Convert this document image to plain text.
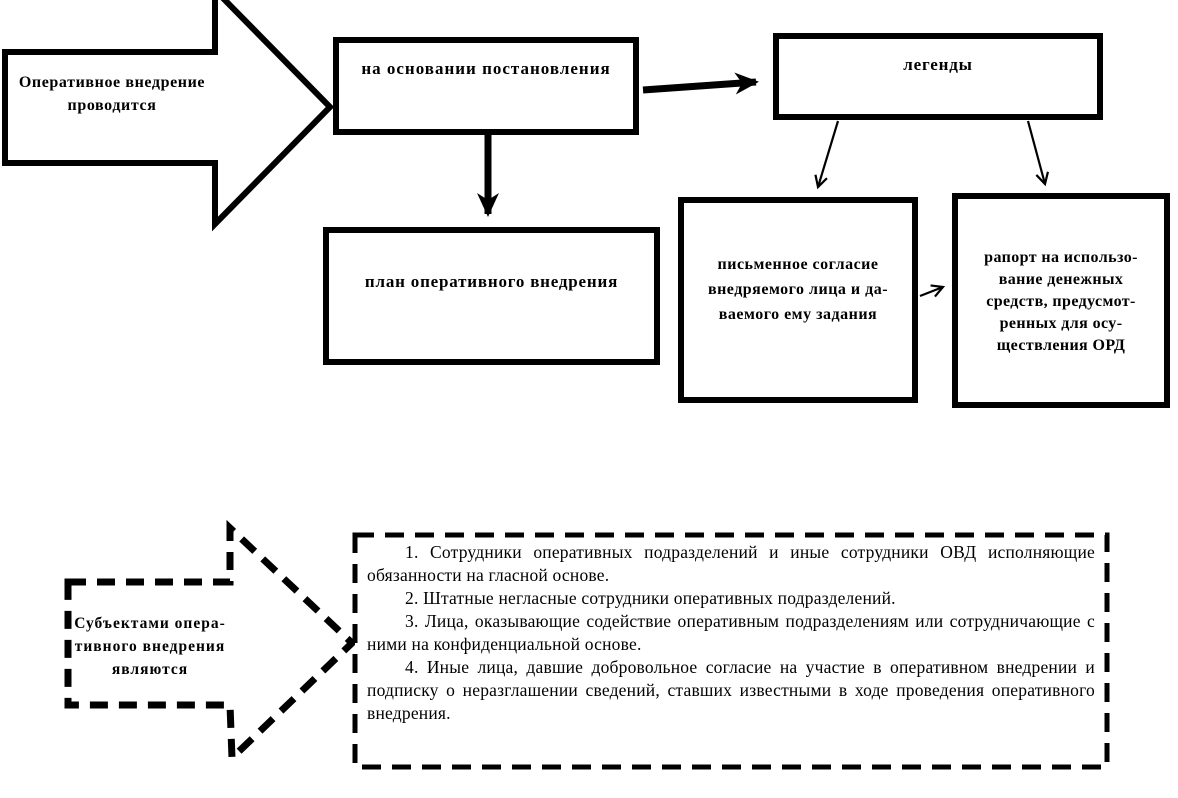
Оперативное внедрение
проводится
на основании постановления	легенды
план оперативного внедрения
письменное согласие
внедряемого лица и да-
ваемого ему задания
рапорт на использо-
вание денежных
средств, предусмот-
ренных для осу-
ществления ОРД
Субъектами опера-
тивного внедрения
являются

1. Сотрудники оперативных подразделений и иные сотрудники ОВД исполняющие обязанности на гласной основе.

2. Штатные негласные сотрудники оперативных подразделений.

3. Лица, оказывающие содействие оперативным подразделениям или сотрудничающие с ними на конфиденциальной основе.

4. Иные лица, давшие добровольное согласие на участие в оперативном внедрении и подписку о неразглашении сведений, ставших известными в ходе проведения оперативного внедрения.
